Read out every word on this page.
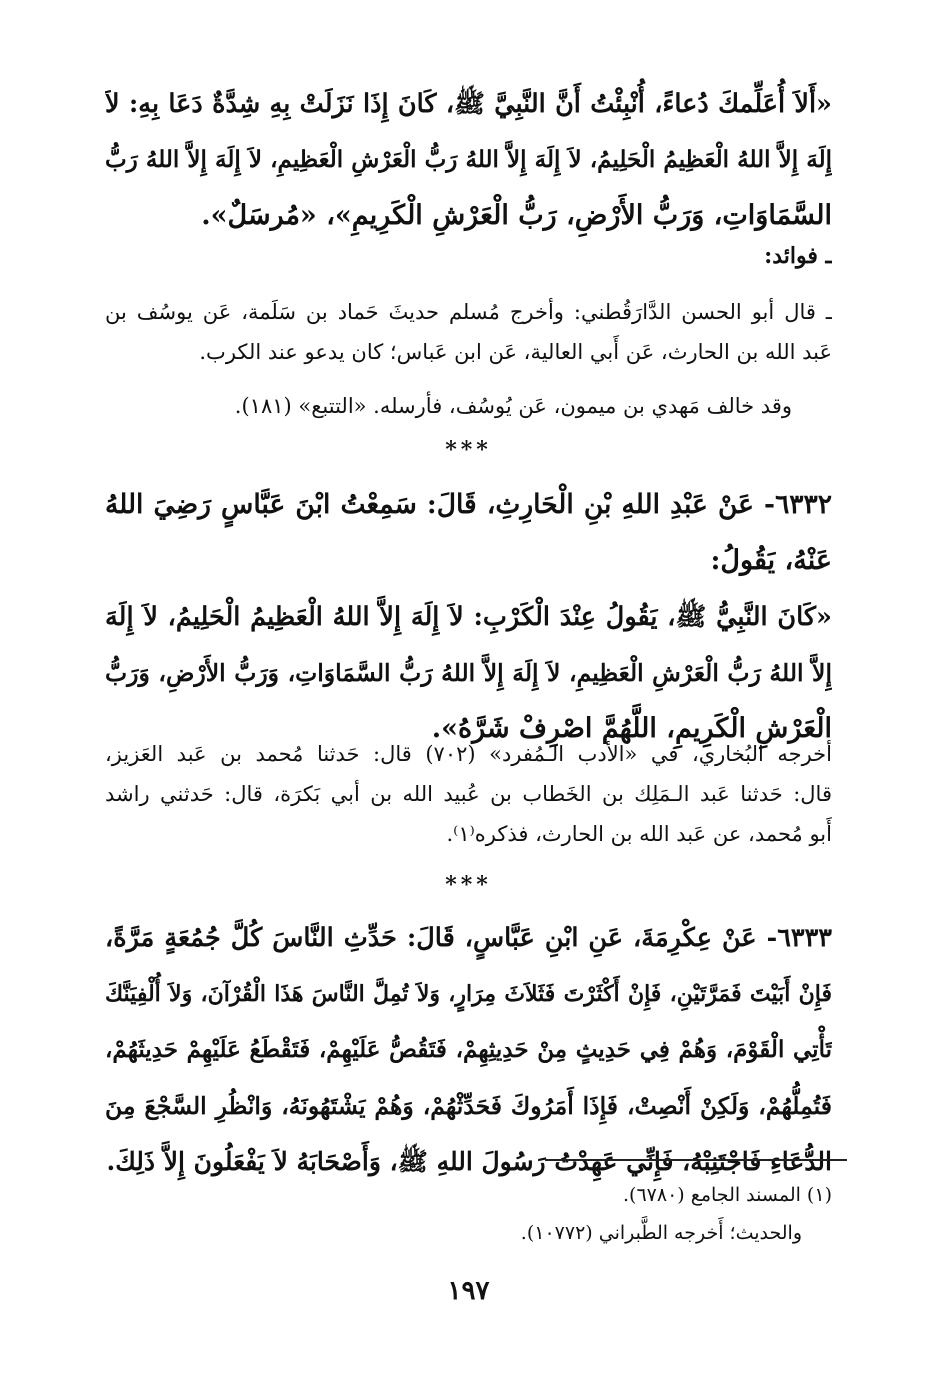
«أَلاَ أُعَلِّمكَ دُعاءً، أُنْبِئْتُ أَنَّ النَّبِيَّ ﷺ، كَانَ إِذَا نَزَلَتْ بِهِ شِدَّةٌ دَعَا بِهِ: لاَ
إِلَهَ إِلاَّ اللهُ الْعَظِيمُ الْحَلِيمُ، لاَ إِلَهَ إِلاَّ اللهُ رَبُّ الْعَرْشِ الْعَظِيمِ، لاَ إِلَهَ إِلاَّ اللهُ رَبُّ
السَّمَاوَاتِ، وَرَبُّ الأَرْضِ، رَبُّ الْعَرْشِ الْكَرِيمِ»، «مُرسَلٌ».
ـ فوائد:
ـ قال أبو الحسن الدَّارَقُطني: وأخرج مُسلم حديثَ حَماد بن سَلَمة، عَن يوسُف بن
عَبد الله بن الحارث، عَن أَبي العالية، عَن ابن عَباس؛ كان يدعو عند الكرب.
وقد خالف مَهدي بن ميمون، عَن يُوسُف، فأرسله. «التتبع» (١٨١).
***
٦٣٣٢- عَنْ عَبْدِ اللهِ بْنِ الْحَارِثِ، قَالَ: سَمِعْتُ ابْنَ عَبَّاسٍ رَضِيَ اللهُ
عَنْهُ، يَقُولُ:
«كَانَ النَّبِيُّ ﷺ، يَقُولُ عِنْدَ الْكَرْبِ: لاَ إِلَهَ إِلاَّ اللهُ الْعَظِيمُ الْحَلِيمُ، لاَ إِلَهَ
إِلاَّ اللهُ رَبُّ الْعَرْشِ الْعَظِيمِ، لاَ إِلَهَ إِلاَّ اللهُ رَبُّ السَّمَاوَاتِ، وَرَبُّ الأَرْضِ، وَرَبُّ
الْعَرْشِ الْكَرِيمِ، اللَّهُمَّ اصْرِفْ شَرَّهُ».
أخرجه البُخاري، في «الأدب الـمُفرد» (٧٠٢) قال: حَدثنا مُحمد بن عَبد العَزيز،
قال: حَدثنا عَبد الـمَلِك بن الخَطاب بن عُبيد الله بن أبي بَكرَة، قال: حَدثني راشد
أَبو مُحمد، عن عَبد الله بن الحارث، فذكره⁽١⁾.
***
٦٣٣٣- عَنْ عِكْرِمَةَ، عَنِ ابْنِ عَبَّاسٍ، قَالَ: حَدِّثِ النَّاسَ كُلَّ جُمُعَةٍ مَرَّةً،
فَإِنْ أَبَيْتَ فَمَرَّتَيْنِ، فَإِنْ أَكْثَرْتَ فَثَلاَثَ مِرَارٍ، وَلاَ تُمِلَّ النَّاسَ هَذَا الْقُرْآنَ، وَلاَ أُلْفِيَنَّكَ
تَأْتِي الْقَوْمَ، وَهُمْ فِي حَدِيثٍ مِنْ حَدِيثِهِمْ، فَتَقُصُّ عَلَيْهِمْ، فَتَقْطَعُ عَلَيْهِمْ حَدِيثَهُمْ،
فَتُمِلُّهُمْ، وَلَكِنْ أَنْصِتْ، فَإِذَا أَمَرُوكَ فَحَدِّثْهُمْ، وَهُمْ يَشْتَهُونَهُ، وَانْظُرِ السَّجْعَ مِنَ
الدُّعَاءِ فَاجْتَنِبْهُ، فَإِنِّي عَهِدْتُ رَسُولَ اللهِ ﷺ، وَأَصْحَابَهُ لاَ يَفْعَلُونَ إِلاَّ ذَلِكَ.
(١) المسند الجامع (٦٧٨٠).
والحديث؛ أَخرجه الطَّبراني (١٠٧٧٢).
١٩٧
